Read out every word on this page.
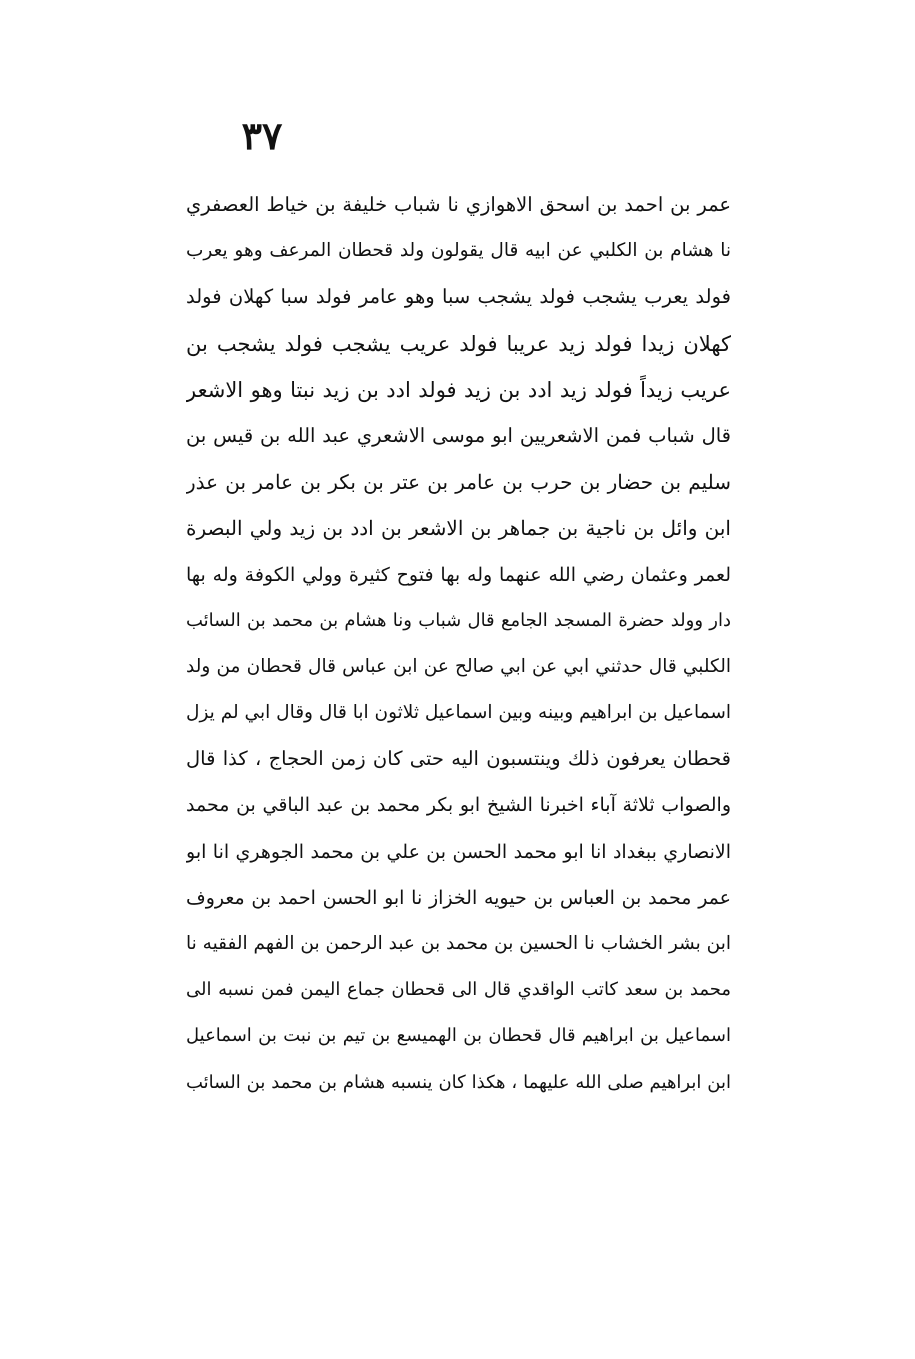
٣٧
عمر بن احمد بن اسحق الاهوازي نا شباب خليفة بن خياط العصفري
نا هشام بن الكلبي عن ابيه قال يقولون ولد قحطان المرعف وهو يعرب
فولد يعرب يشجب فولد يشجب سبا وهو عامر فولد سبا كهلان فولد
كهلان زيدا فولد زيد عريبا فولد عريب يشجب فولد يشجب بن
عريب زيداً فولد زيد ادد بن زيد فولد ادد بن زيد نبتا وهو الاشعر
قال شباب فمن الاشعريين ابو موسى الاشعري عبد الله بن قيس بن
سليم بن حضار بن حرب بن عامر بن عتر بن بكر بن عامر بن عذر
ابن وائل بن ناجية بن جماهر بن الاشعر بن ادد بن زيد ولي البصرة
لعمر وعثمان رضي الله عنهما وله بها فتوح كثيرة وولي الكوفة وله بها
دار وولد حضرة المسجد الجامع قال شباب ونا هشام بن محمد بن السائب
الكلبي قال حدثني ابي عن ابي صالح عن ابن عباس قال قحطان من ولد
اسماعيل بن ابراهيم وبينه وبين اسماعيل ثلاثون ابا قال وقال ابي لم يزل
قحطان يعرفون ذلك وينتسبون اليه حتى كان زمن الحجاج ، كذا قال
والصواب ثلاثة آباء اخبرنا الشيخ ابو بكر محمد بن عبد الباقي بن محمد
الانصاري ببغداد انا ابو محمد الحسن بن علي بن محمد الجوهري انا ابو
عمر محمد بن العباس بن حيويه الخزاز نا ابو الحسن احمد بن معروف
ابن بشر الخشاب نا الحسين بن محمد بن عبد الرحمن بن الفهم الفقيه نا
محمد بن سعد كاتب الواقدي قال الى قحطان جماع اليمن فمن نسبه الى
اسماعيل بن ابراهيم قال قحطان بن الهميسع بن تيم بن نبت بن اسماعيل
ابن ابراهيم صلى الله عليهما ، هكذا كان ينسبه هشام بن محمد بن السائب
